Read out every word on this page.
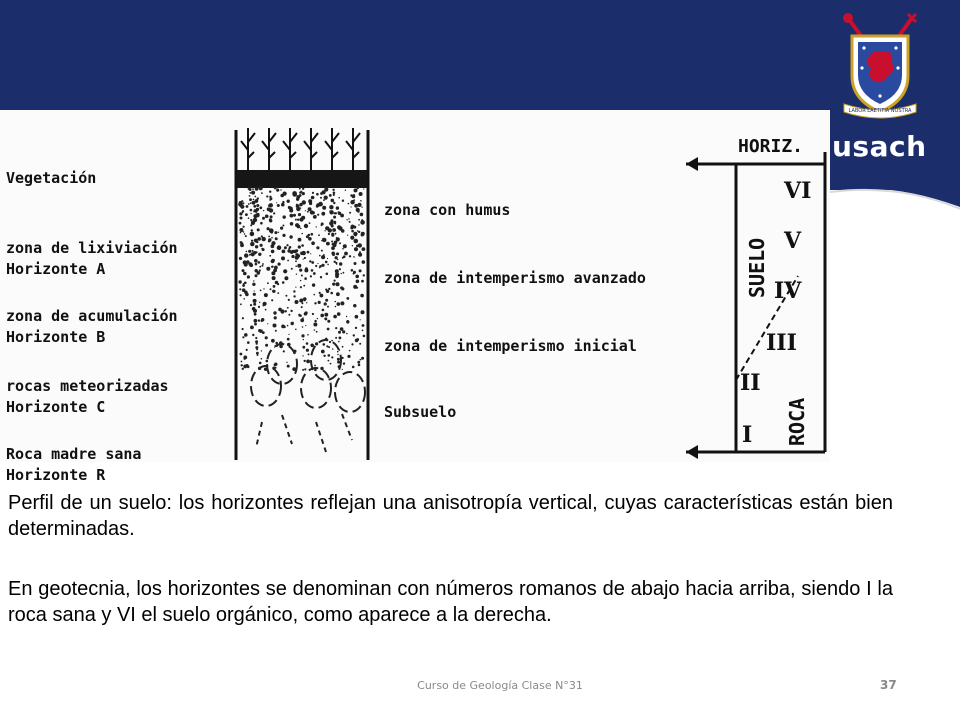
LABOR LAETITIA NOSTRA
usach

Vegetación

zona de lixiviación
Horizonte A

zona de acumulación
Horizonte B

rocas meteorizadas
Horizonte C

Roca madre sana
Horizonte R

zona con humus
zona de intemperismo avanzado
zona de intemperismo inicial
Subsuelo
HORIZ.
SUELO
ROCA
VI
V
IV
III
II
I
Perfil de un suelo: los horizontes reflejan una anisotropía vertical, cuyas características están bien determinadas.
En geotecnia, los horizontes se denominan con números romanos de abajo hacia arriba, siendo I la roca sana y VI el suelo orgánico, como aparece a la derecha.
Curso de Geología Clase N°31	37
